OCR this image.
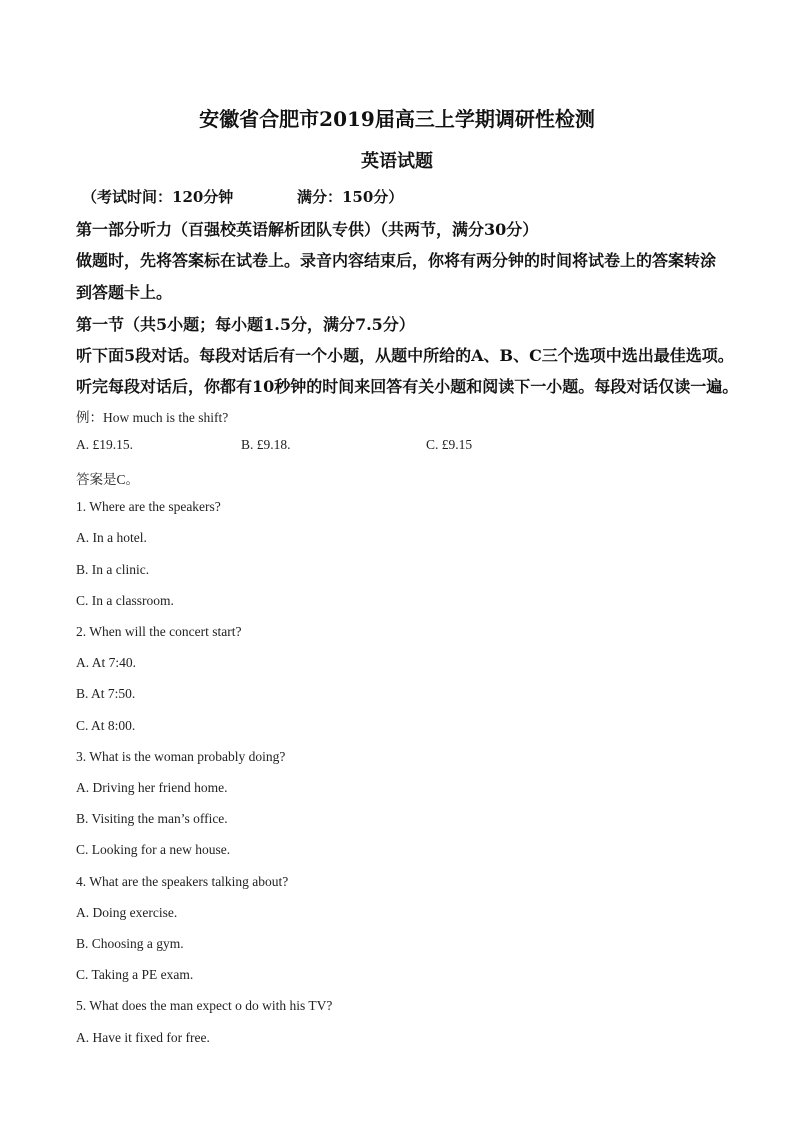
安徽省合肥市2019届高三上学期调研性检测
英语试题
（考试时间：120分钟	满分：150分）
第一部分听力（百强校英语解析团队专供）（共两节，满分30分）
做题时，先将答案标在试卷上。录音内容结束后，你将有两分钟的时间将试卷上的答案转涂
到答题卡上。
第一节（共5小题；每小题1.5分，满分7.5分）
听下面5段对话。每段对话后有一个小题，从题中所给的A、B、C三个选项中选出最佳选项。
听完每段对话后，你都有10秒钟的时间来回答有关小题和阅读下一小题。每段对话仅读一遍。
例：How much is the shift?
A. £19.15.	B. £9.18.	C. £9.15
答案是C。
1. Where are the speakers?
A. In a hotel.
B. In a clinic.
C. In a classroom.
2. When will the concert start?
A. At 7:40.
B. At 7:50.
C. At 8:00.
3. What is the woman probably doing?
A. Driving her friend home.
B. Visiting the man’s office.
C. Looking for a new house.
4. What are the speakers talking about?
A. Doing exercise.
B. Choosing a gym.
C. Taking a PE exam.
5. What does the man expect o do with his TV?
A. Have it fixed for free.
